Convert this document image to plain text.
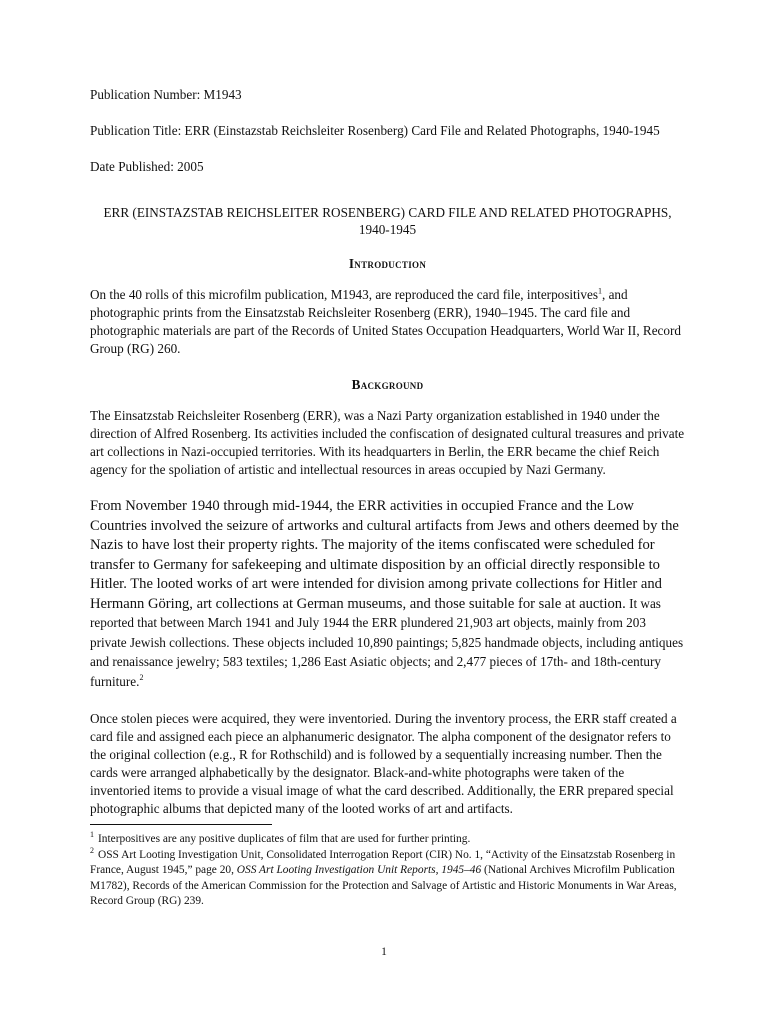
Publication Number: M1943

Publication Title: ERR (Einstazstab Reichsleiter Rosenberg) Card File and Related Photographs, 1940-1945

Date Published: 2005

ERR (EINSTAZSTAB REICHSLEITER ROSENBERG) CARD FILE AND RELATED PHOTOGRAPHS, 1940-1945

Introduction

On the 40 rolls of this microfilm publication, M1943, are reproduced the card file, interpositives$^1$, and photographic prints from the Einsatzstab Reichsleiter Rosenberg (ERR), 1940–1945. The card file and photographic materials are part of the Records of United States Occupation Headquarters, World War II, Record Group (RG) 260.

Background

The Einsatzstab Reichsleiter Rosenberg (ERR), was a Nazi Party organization established in 1940 under the direction of Alfred Rosenberg. Its activities included the confiscation of designated cultural treasures and private art collections in Nazi-occupied territories. With its headquarters in Berlin, the ERR became the chief Reich agency for the spoliation of artistic and intellectual resources in areas occupied by Nazi Germany.

From November 1940 through mid-1944, the ERR activities in occupied France and the Low Countries involved the seizure of artworks and cultural artifacts from Jews and others deemed by the Nazis to have lost their property rights. The majority of the items confiscated were scheduled for transfer to Germany for safekeeping and ultimate disposition by an official directly responsible to Hitler. The looted works of art were intended for division among private collections for Hitler and Hermann Göring, art collections at German museums, and those suitable for sale at auction. It was reported that between March 1941 and July 1944 the ERR plundered 21,903 art objects, mainly from 203 private Jewish collections. These objects included 10,890 paintings; 5,825 handmade objects, including antiques and renaissance jewelry; 583 textiles; 1,286 East Asiatic objects; and 2,477 pieces of 17th- and 18th-century furniture.$^2$

Once stolen pieces were acquired, they were inventoried. During the inventory process, the ERR staff created a card file and assigned each piece an alphanumeric designator. The alpha component of the designator refers to the original collection (e.g., R for Rothschild) and is followed by a sequentially increasing number. Then the cards were arranged alphabetically by the designator. Black-and-white photographs were taken of the inventoried items to provide a visual image of what the card described. Additionally, the ERR prepared special photographic albums that depicted many of the looted works of art and artifacts.

$^1$ Interpositives are any positive duplicates of film that are used for further printing.

$^2$ OSS Art Looting Investigation Unit, Consolidated Interrogation Report (CIR) No. 1, “Activity of the Einsatzstab Rosenberg in France, August 1945,” page 20, OSS Art Looting Investigation Unit Reports, 1945–46 (National Archives Microfilm Publication M1782), Records of the American Commission for the Protection and Salvage of Artistic and Historic Monuments in War Areas, Record Group (RG) 239.

1
